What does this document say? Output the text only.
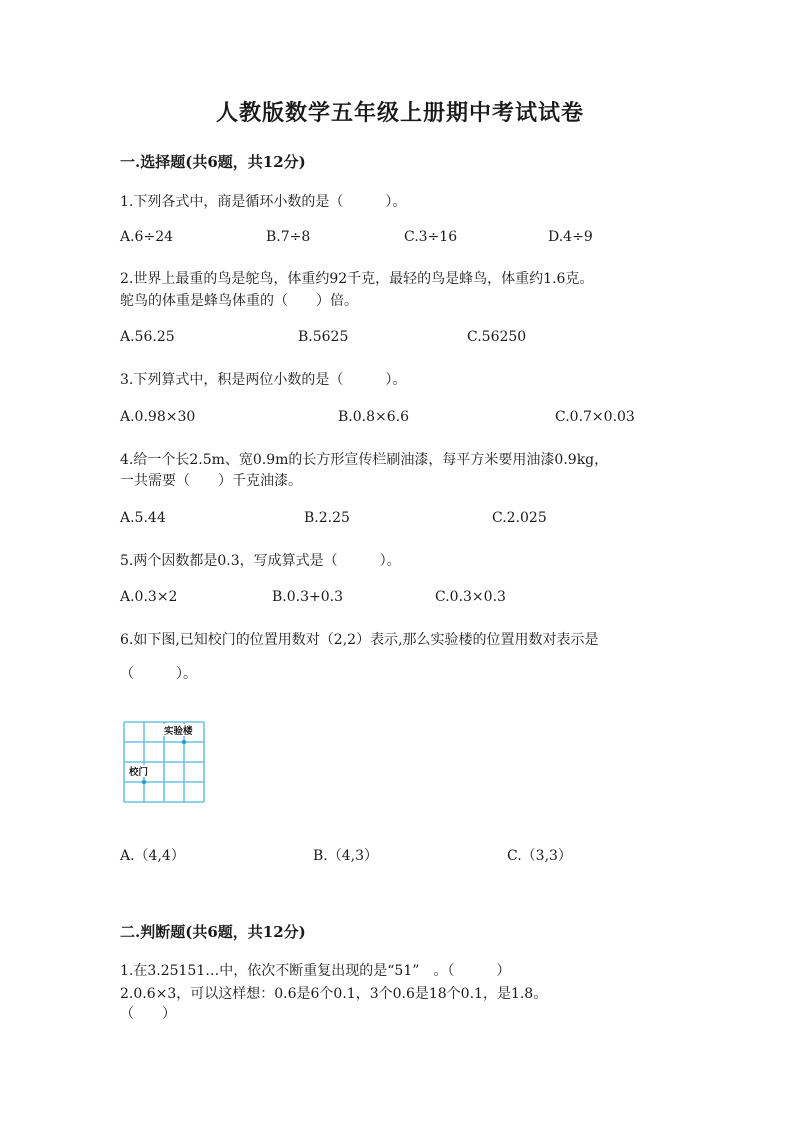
人教版数学五年级上册期中考试试卷
一.选择题(共6题，共12分)
1.下列各式中，商是循环小数的是（　　　）。
A.6÷24	B.7÷8	C.3÷16	D.4÷9
2.世界上最重的鸟是鸵鸟，体重约92千克，最轻的鸟是蜂鸟，体重约1.6克。
鸵鸟的体重是蜂鸟体重的（　　）倍。
A.56.25	B.5625	C.56250
3.下列算式中，积是两位小数的是（　　　）。
A.0.98×30	B.0.8×6.6	C.0.7×0.03
4.给一个长2.5m、宽0.9m的长方形宣传栏刷油漆，每平方米要用油漆0.9kg，
一共需要（　　）千克油漆。
A.5.44	B.2.25	C.2.025
5.两个因数都是0.3，写成算式是（　　　）。
A.0.3×2	B.0.3+0.3	C.0.3×0.3
6.如下图,已知校门的位置用数对（2,2）表示,那么实验楼的位置用数对表示是
（　　　）。
实验楼
校门
A.（4,4）	B.（4,3）	C.（3,3）
二.判断题(共6题，共12分)
1.在3.25151…中，依次不断重复出现的是“51”　。（　　　）
2.0.6×3，可以这样想：0.6是6个0.1，3个0.6是18个0.1，是1.8。
（　　）
